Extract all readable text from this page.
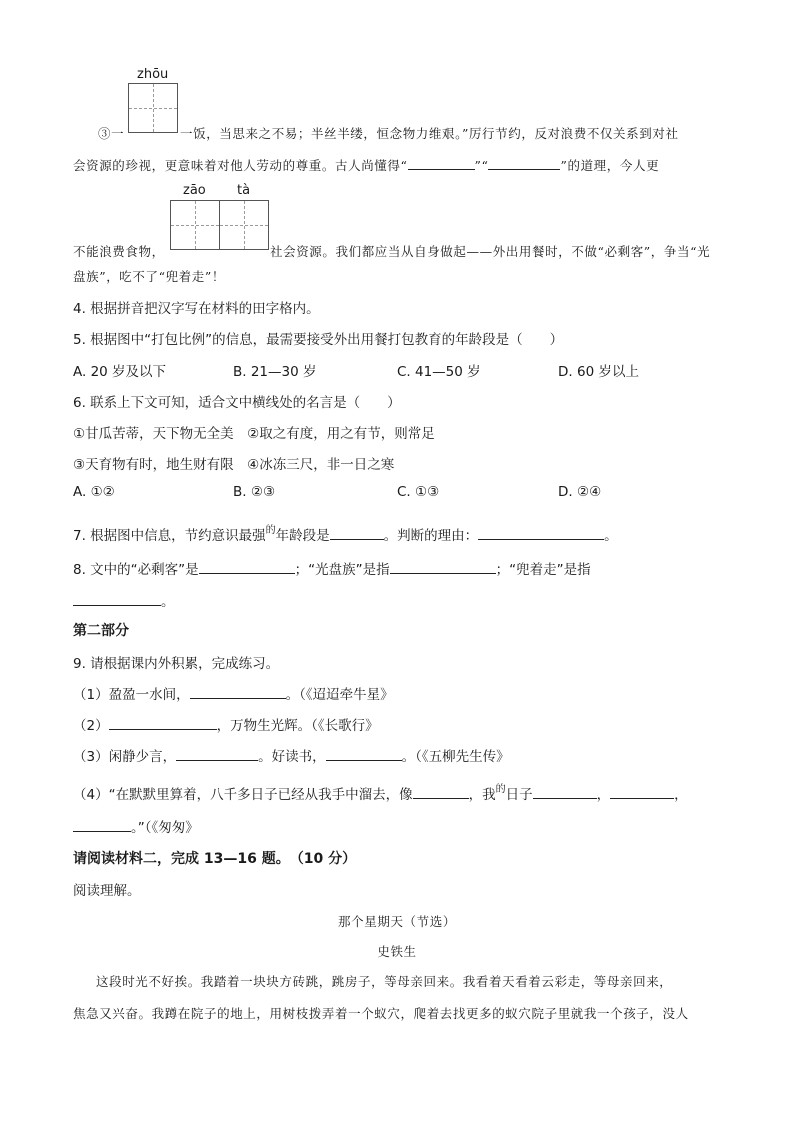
zhōu
③一	一饭，当思来之不易；半丝半缕，恒念物力维艰。”厉行节约，反对浪费不仅关系到对社
会资源的珍视，更意味着对他人劳动的尊重。古人尚懂得“	”“	”的道理，今人更
zāo tà
不能浪费食物，	社会资源。我们都应当从自身做起——外出用餐时，不做“必剩客”，争当“光
盘族”，吃不了“兜着走”！
4. 根据拼音把汉字写在材料的田字格内。
5. 根据图中“打包比例”的信息，最需要接受外出用餐打包教育的年龄段是（　　）
A. 20 岁及以下	B. 21—30 岁	C. 41—50 岁	D. 60 岁以上
6. 联系上下文可知，适合文中横线处的名言是（　　）
①甘瓜苦蒂，天下物无全美　②取之有度，用之有节，则常足
③天育物有时，地生财有限　④冰冻三尺，非一日之寒
A. ①②	B. ②③	C. ①③	D. ②④
7. 根据图中信息，节约意识最强$^的$年龄段是	。判断的理由：	。
8. 文中的“必剩客”是	；“光盘族”是指	；“兜着走”是指
。
第二部分
9. 请根据课内外积累，完成练习。
（1）盈盈一水间，	。（《迢迢牵牛星》
（2）	，万物生光辉。（《长歌行》
（3）闲静少言，	。好读书，	。（《五柳先生传》
（4）“在默默里算着，八千多日子已经从我手中溜去，像	，我$^的$日子	，	，
。”（《匆匆》
请阅读材料二，完成 13—16 题。　（10 分）
阅读理解。
那个星期天（节选）
史铁生
这段时光不好挨。我踏着一块块方砖跳，跳房子，等母亲回来。我看着天看着云彩走，等母亲回来，
焦急又兴奋。我蹲在院子的地上，用树枝拨弄着一个蚁穴，爬着去找更多的蚁穴院子里就我一个孩子，没人
